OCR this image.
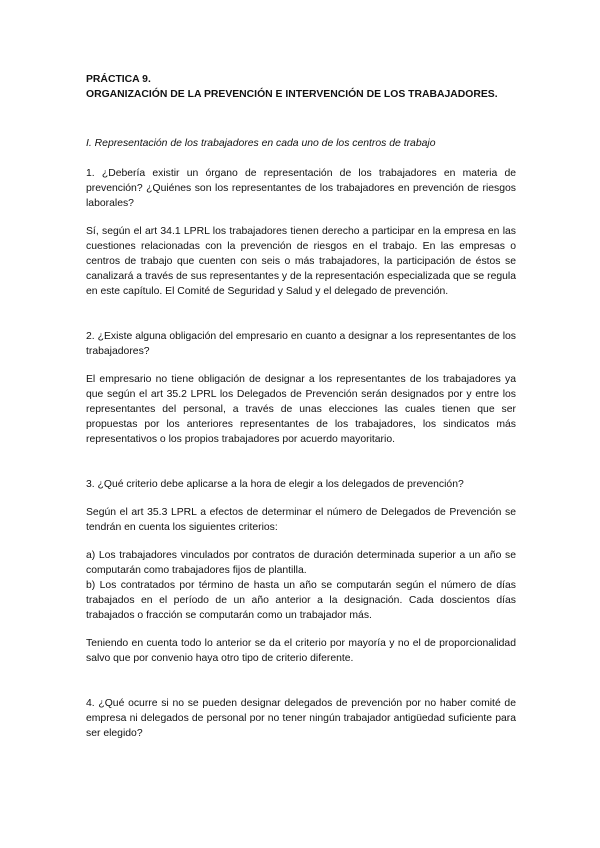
PRÁCTICA 9.

ORGANIZACIÓN DE LA PREVENCIÓN E INTERVENCIÓN DE LOS TRABAJADORES.

I. Representación de los trabajadores en cada uno de los centros de trabajo

1. ¿Debería existir un órgano de representación de los trabajadores en materia de prevención? ¿Quiénes son los representantes de los trabajadores en prevención de riesgos laborales?

Sí, según el art 34.1 LPRL los trabajadores tienen derecho a participar en la empresa en las cuestiones relacionadas con la prevención de riesgos en el trabajo. En las empresas o centros de trabajo que cuenten con seis o más trabajadores, la participación de éstos se canalizará a través de sus representantes y de la representación especializada que se regula en este capítulo. El Comité de Seguridad y Salud y el delegado de prevención.

2. ¿Existe alguna obligación del empresario en cuanto a designar a los representantes de los trabajadores?

El empresario no tiene obligación de designar a los representantes de los trabajadores ya que según el art 35.2 LPRL los Delegados de Prevención serán designados por y entre los representantes del personal, a través de unas elecciones las cuales tienen que ser propuestas por los anteriores representantes de los trabajadores, los sindicatos más representativos o los propios trabajadores por acuerdo mayoritario.

3. ¿Qué criterio debe aplicarse a la hora de elegir a los delegados de prevención?

Según el art 35.3 LPRL a efectos de determinar el número de Delegados de Prevención se tendrán en cuenta los siguientes criterios:

a) Los trabajadores vinculados por contratos de duración determinada superior a un año se computarán como trabajadores fijos de plantilla.

b) Los contratados por término de hasta un año se computarán según el número de días trabajados en el período de un año anterior a la designación. Cada doscientos días trabajados o fracción se computarán como un trabajador más.

Teniendo en cuenta todo lo anterior se da el criterio por mayoría y no el de proporcionalidad salvo que por convenio haya otro tipo de criterio diferente.

4. ¿Qué ocurre si no se pueden designar delegados de prevención por no haber comité de empresa ni delegados de personal por no tener ningún trabajador antigüedad suficiente para ser elegido?
